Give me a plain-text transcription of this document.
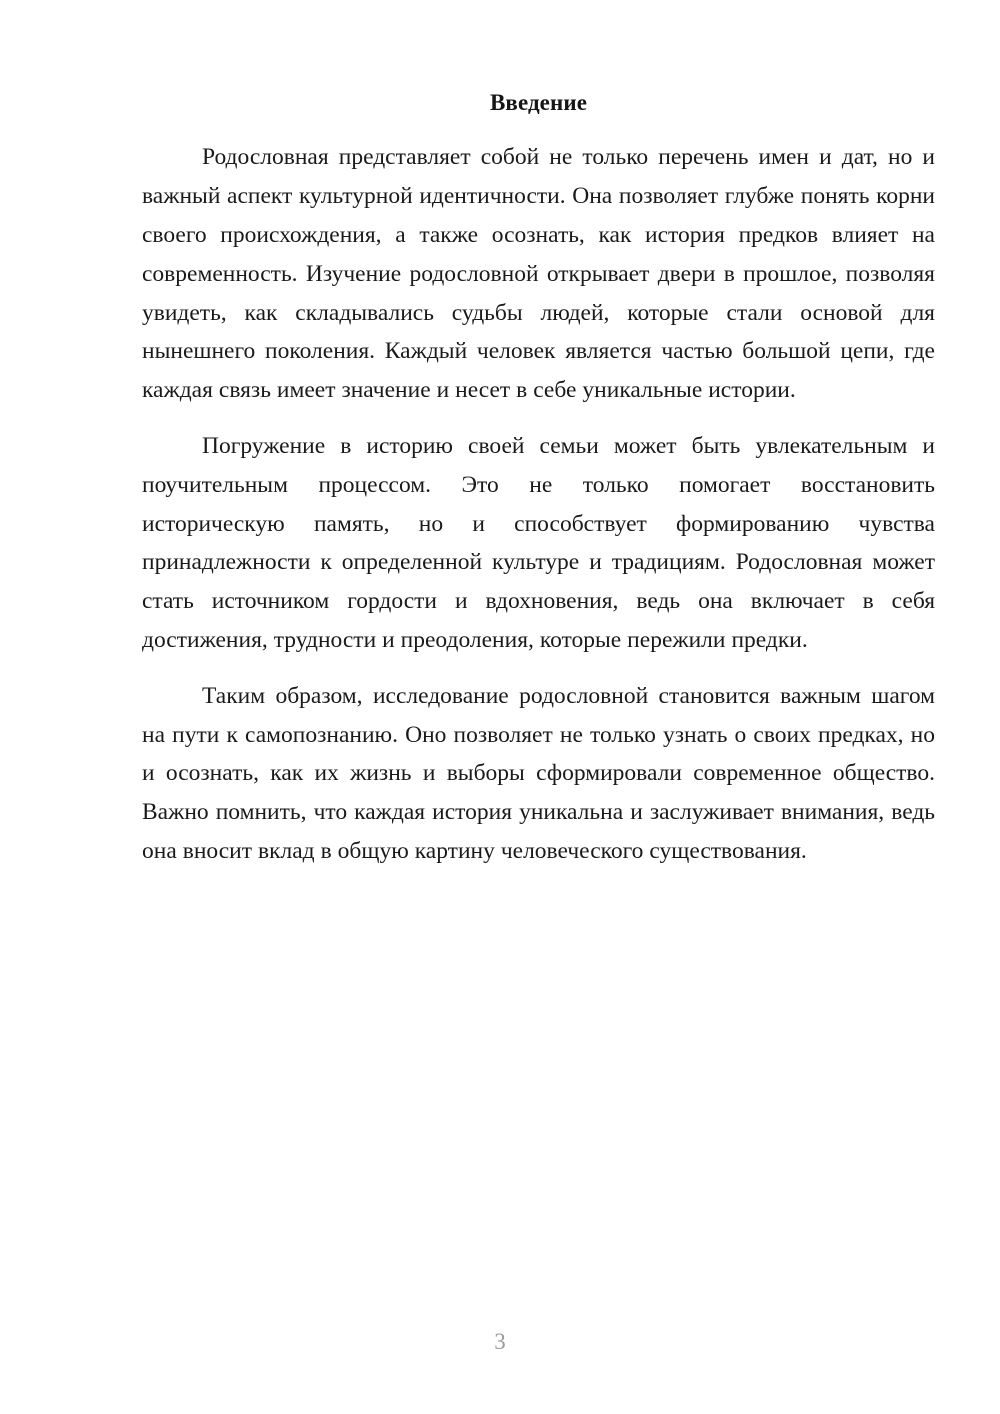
Введение

Родословная представляет собой не только перечень имен и дат, но и важный аспект культурной идентичности. Она позволяет глубже понять корни своего происхождения, а также осознать, как история предков влияет на современность. Изучение родословной открывает двери в прошлое, позволяя увидеть, как складывались судьбы людей, которые стали основой для нынешнего поколения. Каждый человек является частью большой цепи, где каждая связь имеет значение и несет в себе уникальные истории.

Погружение в историю своей семьи может быть увлекательным и поучительным процессом. Это не только помогает восстановить историческую память, но и способствует формированию чувства принадлежности к определенной культуре и традициям. Родословная может стать источником гордости и вдохновения, ведь она включает в себя достижения, трудности и преодоления, которые пережили предки.

Таким образом, исследование родословной становится важным шагом на пути к самопознанию. Оно позволяет не только узнать о своих предках, но и осознать, как их жизнь и выборы сформировали современное общество. Важно помнить, что каждая история уникальна и заслуживает внимания, ведь она вносит вклад в общую картину человеческого существования.

3
